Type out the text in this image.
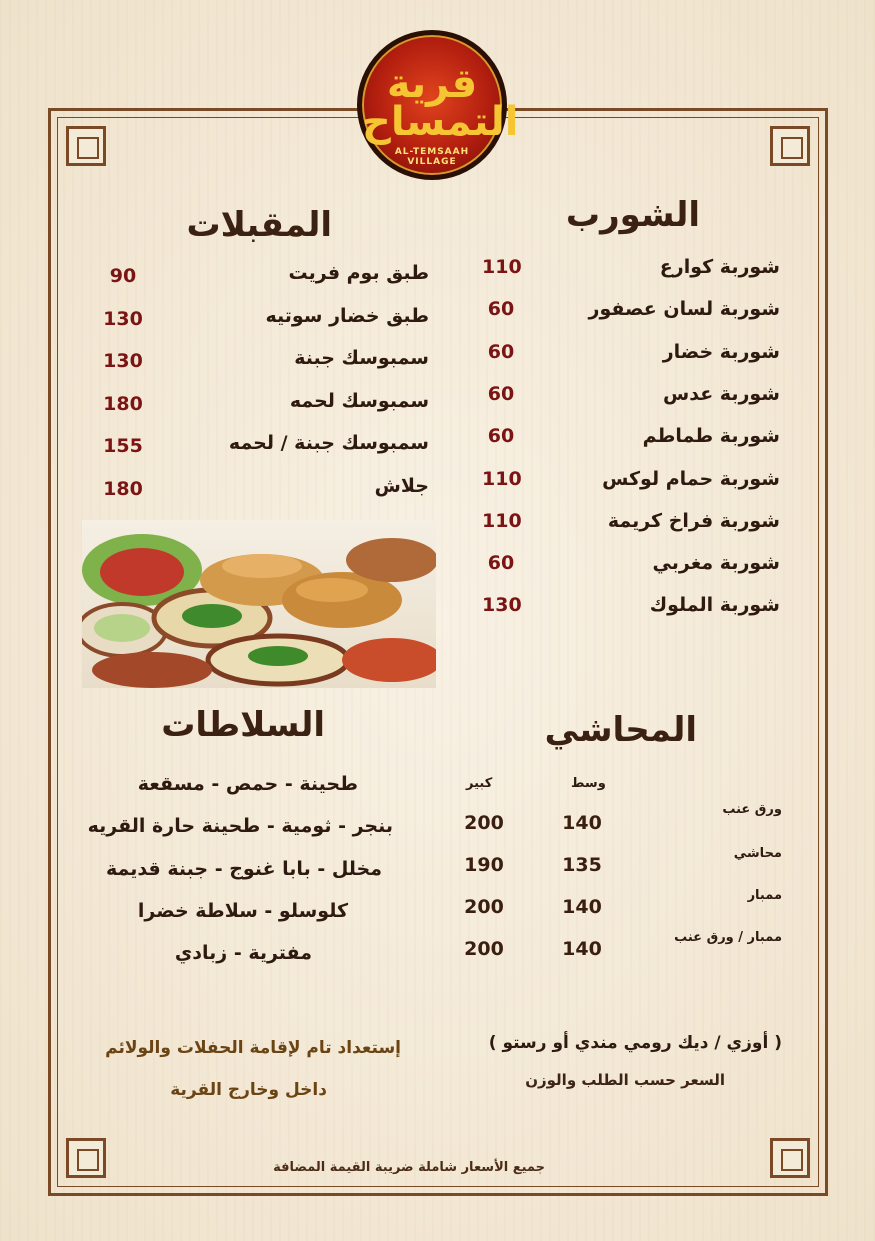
قرية
التمساح
AL-TEMSAAH VILLAGE
الشورب
شوربة كوارع
110
شوربة لسان عصفور
60
شوربة خضار
60
شوربة عدس
60
شوربة طماطم
60
شوربة حمام لوكس
110
شوربة فراخ كريمة
110
شوربة مغربي
60
شوربة الملوك
130
المقبلات
طبق بوم فريت
90
طبق خضار سوتيه
130
سمبوسك جبنة
130
سمبوسك لحمه
180
سمبوسك جبنة / لحمه
155
جلاش
180
المحاشي
وسط
كبير
ورق عنب
140
200
محاشي
135
190
ممبار
140
200
ممبار / ورق عنب
140
200
السلاطات
طحينة - حمص - مسقعة
بنجر - ثومية - طحينة حارة القريه
مخلل - بابا غنوج - جبنة قديمة
كلوسلو - سلاطة خضرا
مفترية - زبادي
( أوزي / ديك رومي مندي أو رستو )
السعر حسب الطلب والوزن
إستعداد تام لإقامة الحفلات والولائم
داخل وخارج القرية
جميع الأسعار شاملة ضريبة القيمة المضافة
